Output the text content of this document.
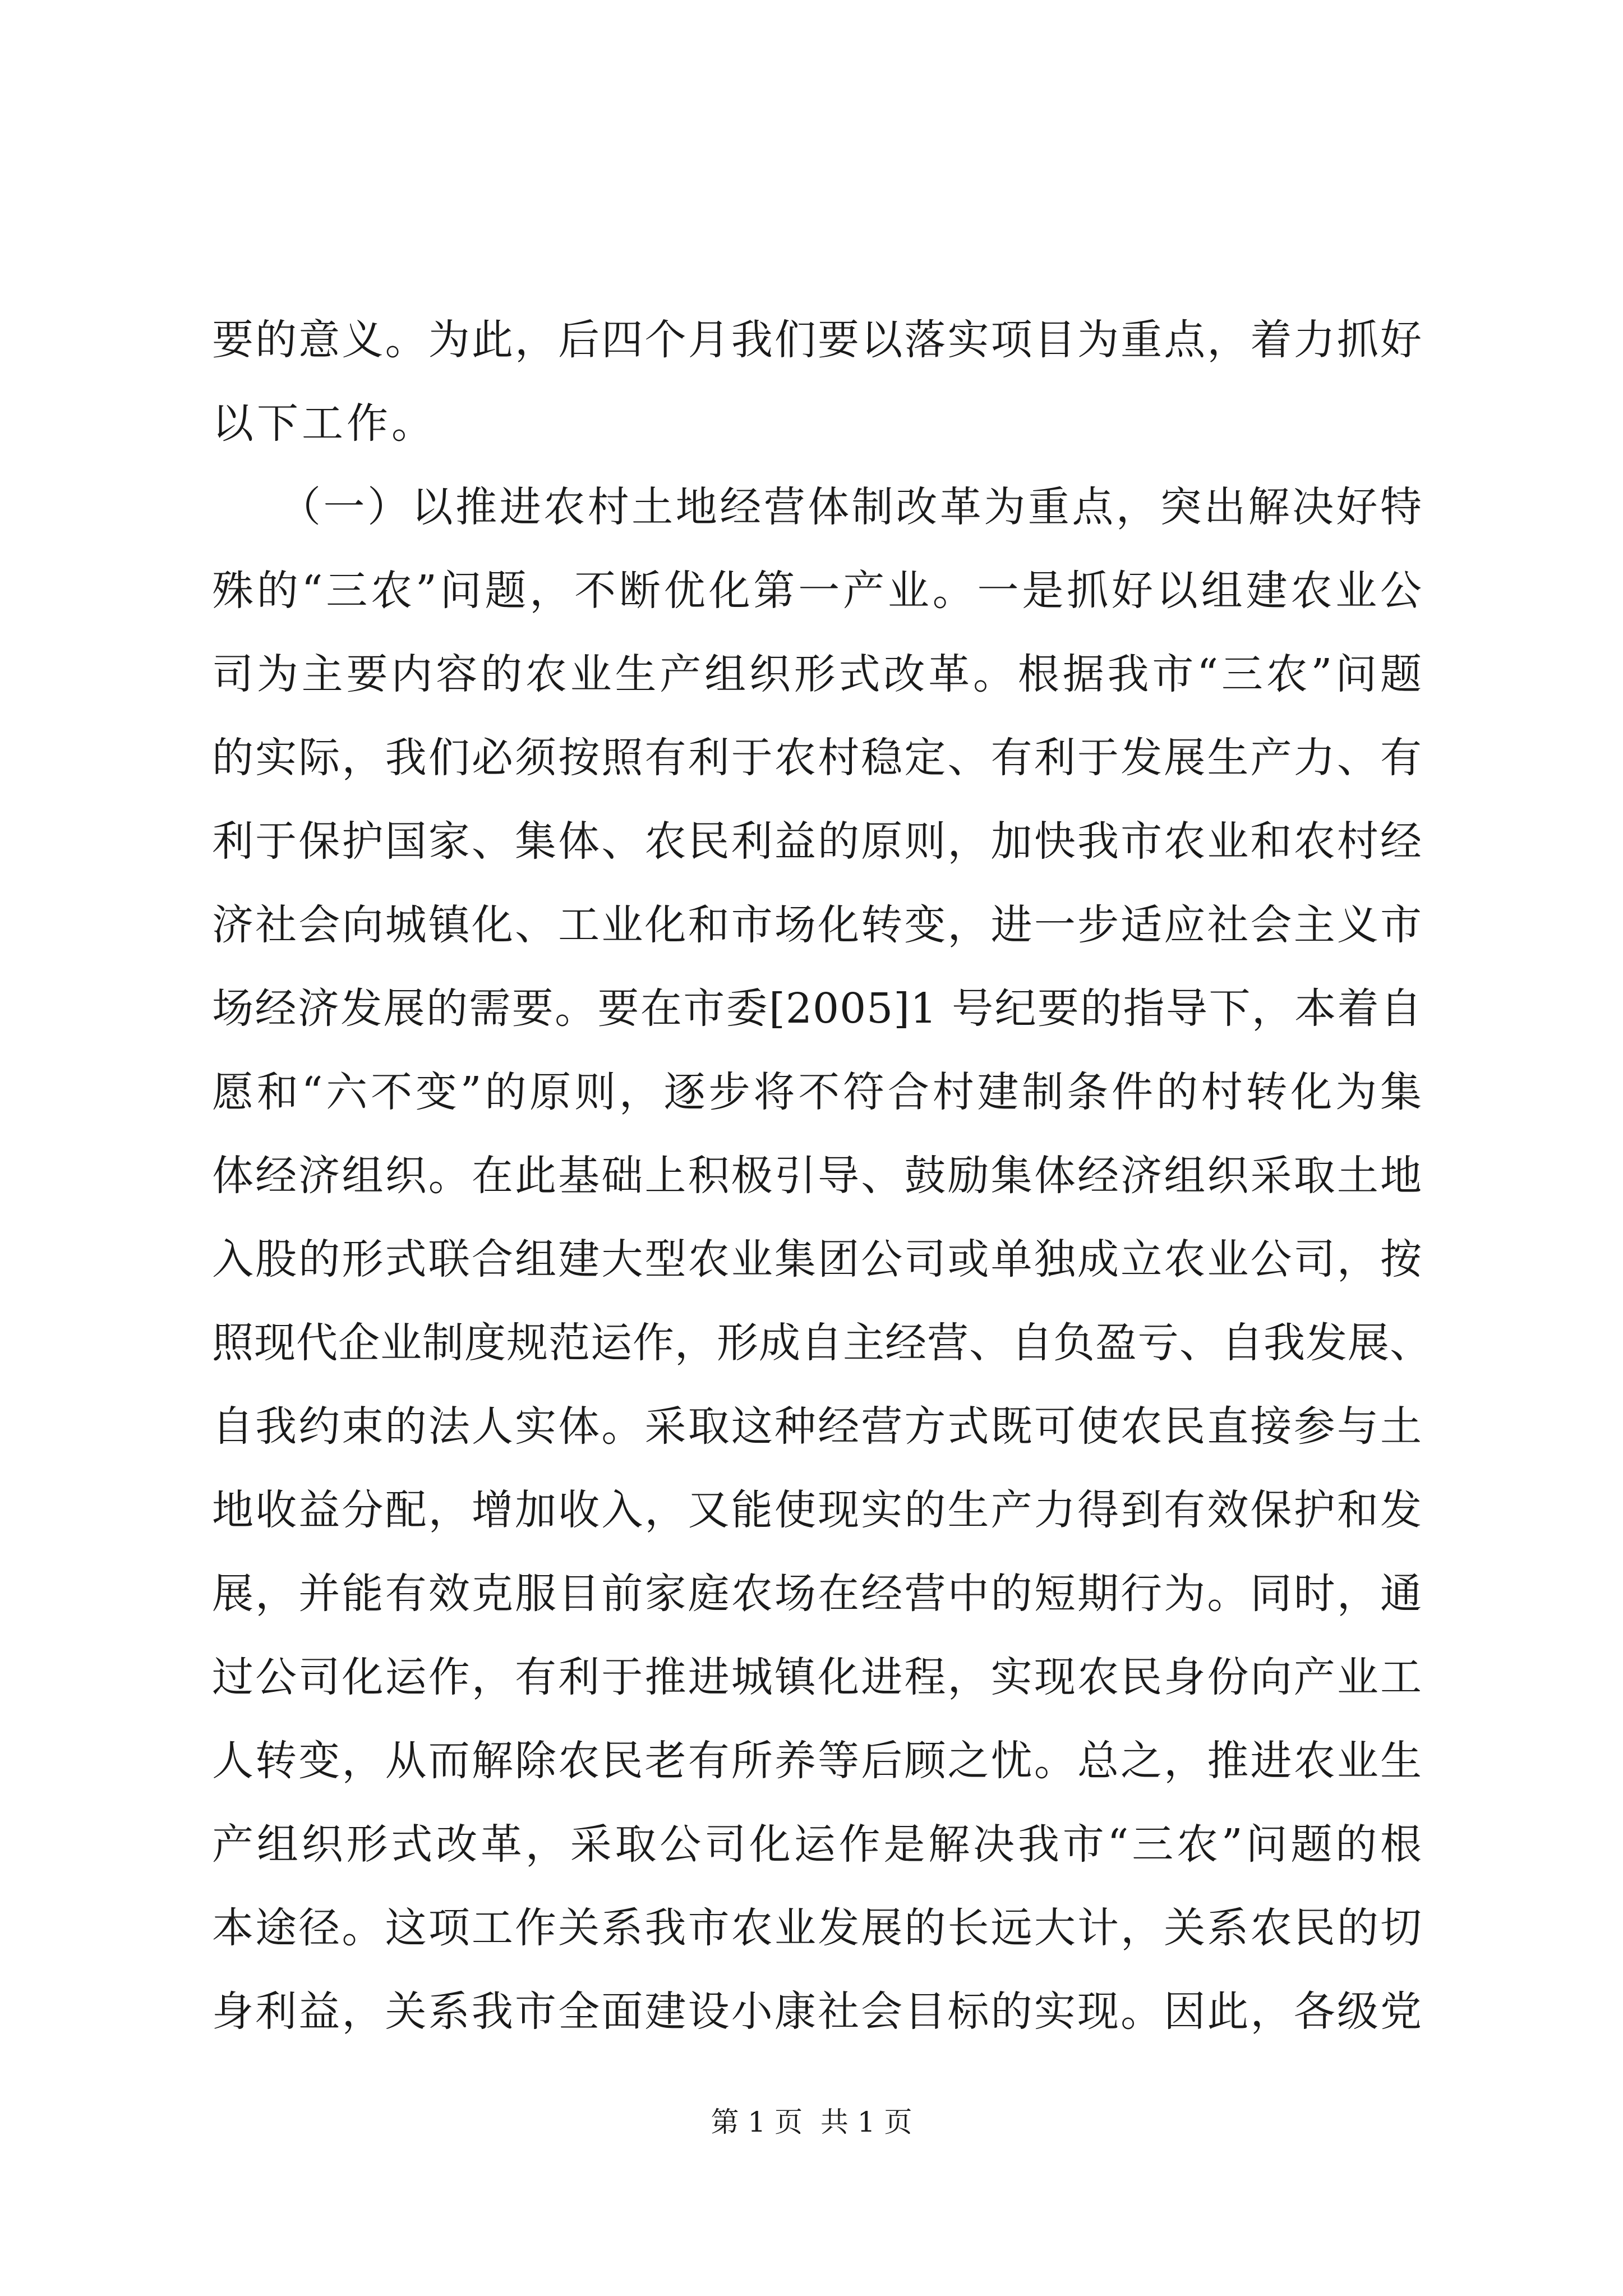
要的意义。为此，后四个月我们要以落实项目为重点，着力抓好
以下工作。
　　（一）以推进农村土地经营体制改革为重点，突出解决好特
殊的“三农”问题，不断优化第一产业。一是抓好以组建农业公
司为主要内容的农业生产组织形式改革。根据我市“三农”问题
的实际，我们必须按照有利于农村稳定、有利于发展生产力、有
利于保护国家、集体、农民利益的原则，加快我市农业和农村经
济社会向城镇化、工业化和市场化转变，进一步适应社会主义市
场经济发展的需要。要在市委[2005]1 号纪要的指导下，本着自
愿和“六不变”的原则，逐步将不符合村建制条件的村转化为集
体经济组织。在此基础上积极引导、鼓励集体经济组织采取土地
入股的形式联合组建大型农业集团公司或单独成立农业公司，按
照现代企业制度规范运作，形成自主经营、自负盈亏、自我发展、
自我约束的法人实体。采取这种经营方式既可使农民直接参与土
地收益分配，增加收入，又能使现实的生产力得到有效保护和发
展，并能有效克服目前家庭农场在经营中的短期行为。同时，通
过公司化运作，有利于推进城镇化进程，实现农民身份向产业工
人转变，从而解除农民老有所养等后顾之忧。总之，推进农业生
产组织形式改革，采取公司化运作是解决我市“三农”问题的根
本途径。这项工作关系我市农业发展的长远大计，关系农民的切
身利益，关系我市全面建设小康社会目标的实现。因此，各级党
第 1 页  共 1 页
